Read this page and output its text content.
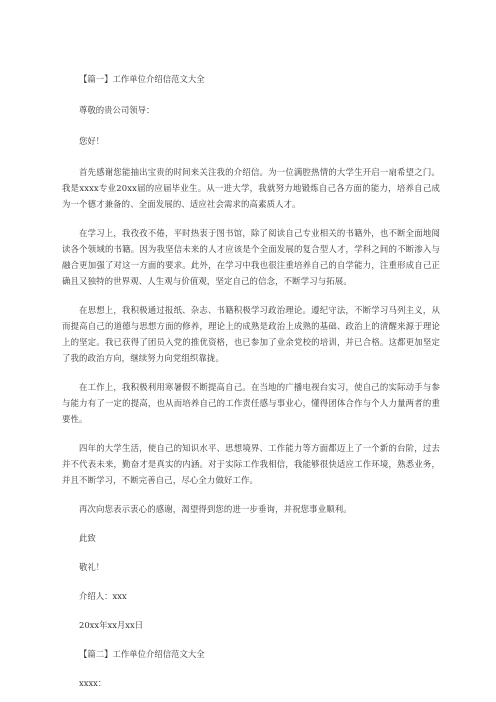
【篇一】工作单位介绍信范文大全

尊敬的贵公司领导：

您好！

首先感谢您能抽出宝贵的时间来关注我的介绍信。为一位满腔热情的大学生开启一扇希望之门。我是xxxx专业20xx届的应届毕业生。从一进大学，我就努力地锻炼自己各方面的能力，培养自己成为一个德才兼备的、全面发展的、适应社会需求的高素质人才。

在学习上，我孜孜不倦，平时热衷于图书馆，除了阅读自己专业相关的书籍外，也不断全面地阅读各个领域的书籍。因为我坚信未来的人才应该是个全面发展的复合型人才，学科之间的不断渗入与融合更加强了对这一方面的要求。此外，在学习中我也很注重培养自己的自学能力，注重形成自己正确且又独特的世界观、人生观与价值观，坚定自己的信念，不断学习与拓展。

在思想上，我积极通过报纸、杂志、书籍积极学习政治理论。遵纪守法，不断学习马列主义，从而提高自己的道德与思想方面的修养，理论上的成熟是政治上成熟的基础、政治上的清醒来源于理论上的坚定。我已获得了团员入党的推优资格，也已参加了业余党校的培训，并已合格。这都更加坚定了我的政治方向，继续努力向党组织靠拢。

在工作上，我积极利用寒暑假不断提高自己。在当地的广播电视台实习，使自己的实际动手与参与能力有了一定的提高，也从而培养自己的工作责任感与事业心，懂得团体合作与个人力量两者的重要性。

四年的大学生活，使自己的知识水平、思想境界、工作能力等方面都迈上了一个新的台阶，过去并不代表未来，勤奋才是真实的内涵。对于实际工作我相信，我能够很快适应工作环境，熟悉业务，并且不断学习，不断完善自己，尽心全力做好工作。

再次向您表示衷心的感谢，渴望得到您的进一步垂询，并祝您事业顺利。

此致

敬礼！

介绍人：xxx

20xx年xx月xx日

【篇二】工作单位介绍信范文大全

xxxx：
